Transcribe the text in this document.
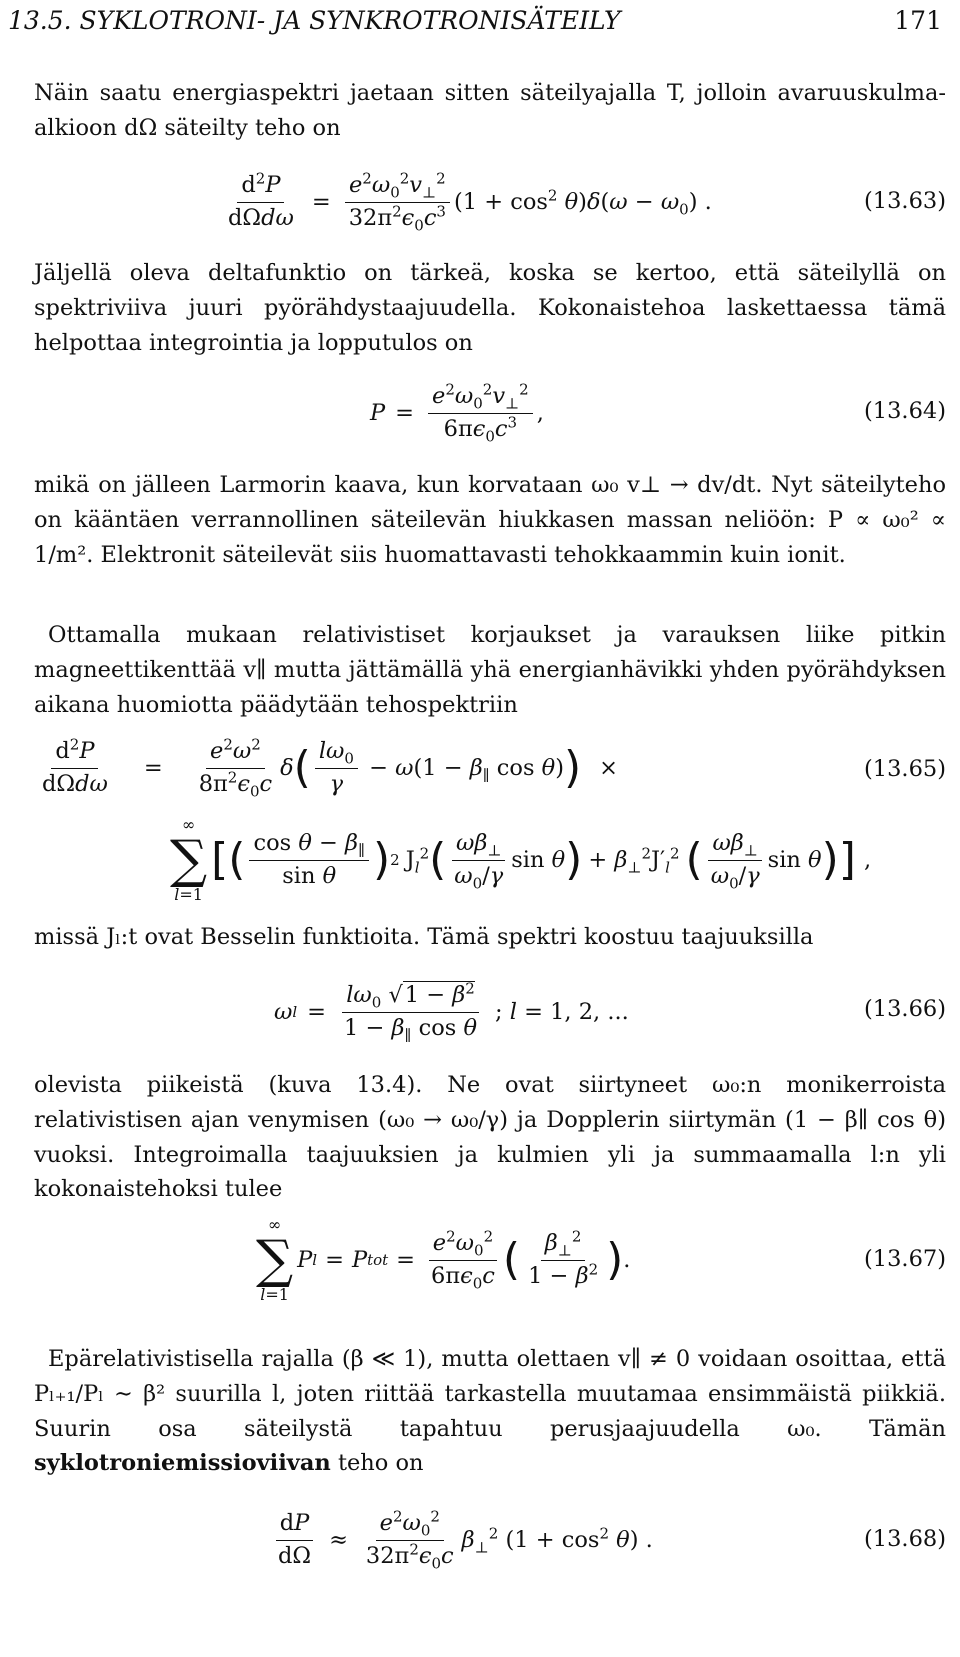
13.5. SYKLOTRONI- JA SYNKROTRONISÄTEILY	171
Näin saatu energiaspektri jaetaan sitten säteilyajalla T, jolloin avaruuskulma-alkioon dΩ säteilty teho on
$\frac{d^2P}{\text{dΩdω}} = \frac{e^2\omega_0^2v_\perp^2}{32\pi^2\epsilon_0c^3} (1 + \cos^2 \theta)\delta(\omega - \omega_0)$ .	(13.63)
Jäljellä oleva deltafunktio on tärkeä, koska se kertoo, että säteilyllä on spektriviiva juuri pyörähdystaajuudella. Kokonaistehoa laskettaessa tämä helpottaa integrointia ja lopputulos on
$P = \frac{e^2\omega_0^2v_\perp^2}{6\pi\epsilon_0c^3}$ ,	(13.64)
mikä on jälleen Larmorin kaava, kun korvataan ω₀ v⊥ → dv/dt. Nyt säteilyteho on kääntäen verrannollinen säteilevän hiukkasen massan neliöön: P ∝ ω₀² ∝ 1/m². Elektronit säteilevät siis huomattavasti tehokkaammin kuin ionit.
Ottamalla mukaan relativistiset korjaukset ja varauksen liike pitkin magneettikenttää v∥ mutta jättämällä yhä energianhävikki yhden pyörähdyksen aikana huomiotta päädytään tehospektriin
$\frac{d^2P}{\text{dΩdω}} = \frac{e^2\omega^2}{8\pi^2\epsilon_0c}$ δ ( $\frac{l\omega_0}{\gamma} - \omega(1 - \beta_\parallel$ cos θ) ) ×	(13.65)
∞
∑
l=1
[( $\frac{\cos \theta - \beta_\parallel}{\text{sin θ}}$ ) 2 $J_l^2$ ( $\frac{\omega\beta_\perp}{\omega_0/\gamma}$ sin θ ) + $\beta_\perp^2J'_l^2$ ( $\frac{\omega\beta_\perp}{\omega_0/\gamma}$ sin θ )] ,
missä Jₗ:t ovat Besselin funktioita. Tämä spektri koostuu taajuuksilla
ω $l = \frac{l\omega_0 √1 - \beta^2}{1 - \beta_\parallel \cos \theta}$ ; l = 1, 2, ...	(13.66)
olevista piikeistä (kuva 13.4). Ne ovat siirtyneet ω₀:n monikerroista relativistisen ajan venymisen (ω₀ → ω₀/γ) ja Dopplerin siirtymän (1 − β∥ cos θ) vuoksi. Integroimalla taajuuksien ja kulmien yli ja summaamalla l:n yli kokonaistehoksi tulee
∞
∑
l=1
P l = P tot = $\frac{e^2\omega_0^2}{6\pi\epsilon_0c}$ ( $\frac{\beta_\perp^2}{1 - \beta^2}$ ) .	(13.67)
Epärelativistisella rajalla (β ≪ 1), mutta olettaen v∥ ≠ 0 voidaan osoittaa, että Pₗ₊₁/Pₗ ∼ β² suurilla l, joten riittää tarkastella muutamaa ensimmäistä piikkiä. Suurin osa säteilystä tapahtuu perusjaajuudella ω₀. Tämän syklotroniemissioviivan teho on
$\frac{dP}{d\Omega} \approx \frac{e^2\omega_0^2}{32\pi^2\epsilon_0c} \beta_\perp^2$ $(1 + \cos^2 \theta)$ .	(13.68)
